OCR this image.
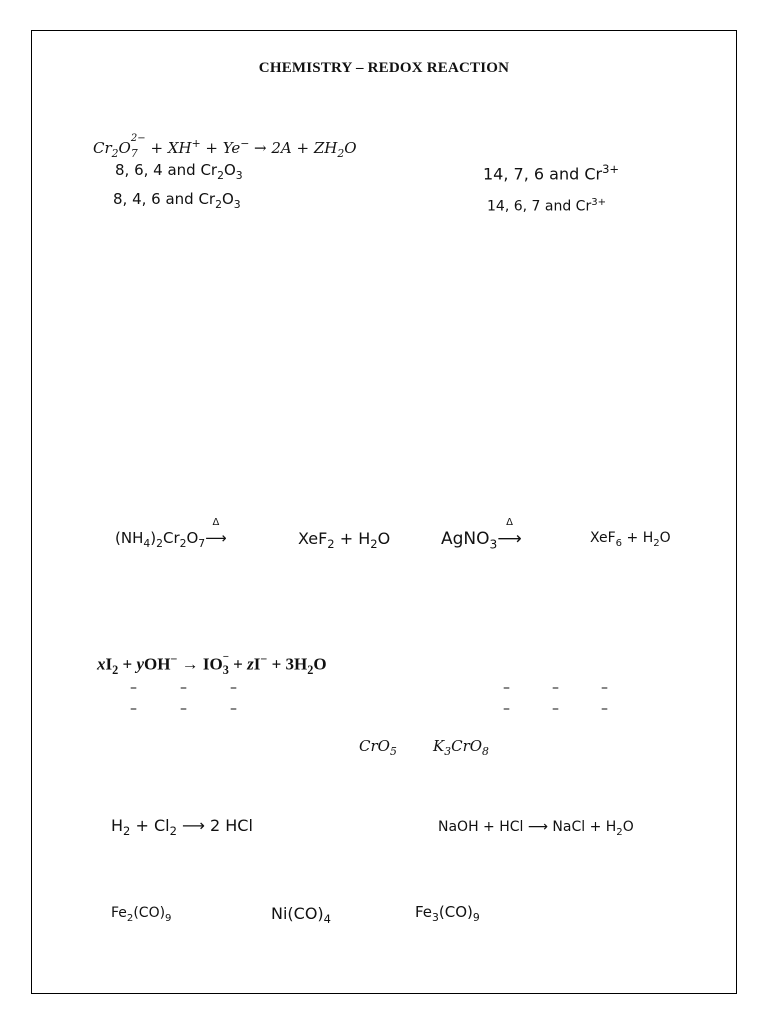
CHEMISTRY – REDOX REACTION
$Cr_2O$
$_{2- 7} + XH^+ + Ye^- \to 2A + ZH_2O$
8, 6, 4 and $Cr_2O_3$
8, 4, 6 and $Cr_2O_3$
14, 7, 6 and $Cr^{3+}$
14, 6, 7 and $Cr^{3+}$
$(NH_4)_2Cr_2O_7$
Δ
⟶	$XeF_2 + H_2O$	AgNO$_3$
Δ
⟶	$XeF_6 + H_2O$
$xI_2 + yOH^-$ → IO $_{- 3} + zI^- + 3H_2O$
–	–	–
–	–	–
–	–	–
–	–	–
CrO$_5$ $K_3CrO_8$
$H_2 + Cl_2$ ⟶ 2 HCl	NaOH + HCl ⟶ NaCl + $H_2O$
$Fe_2(CO)_9$	$Ni(CO)_4$	$Fe_3(CO)_9$
